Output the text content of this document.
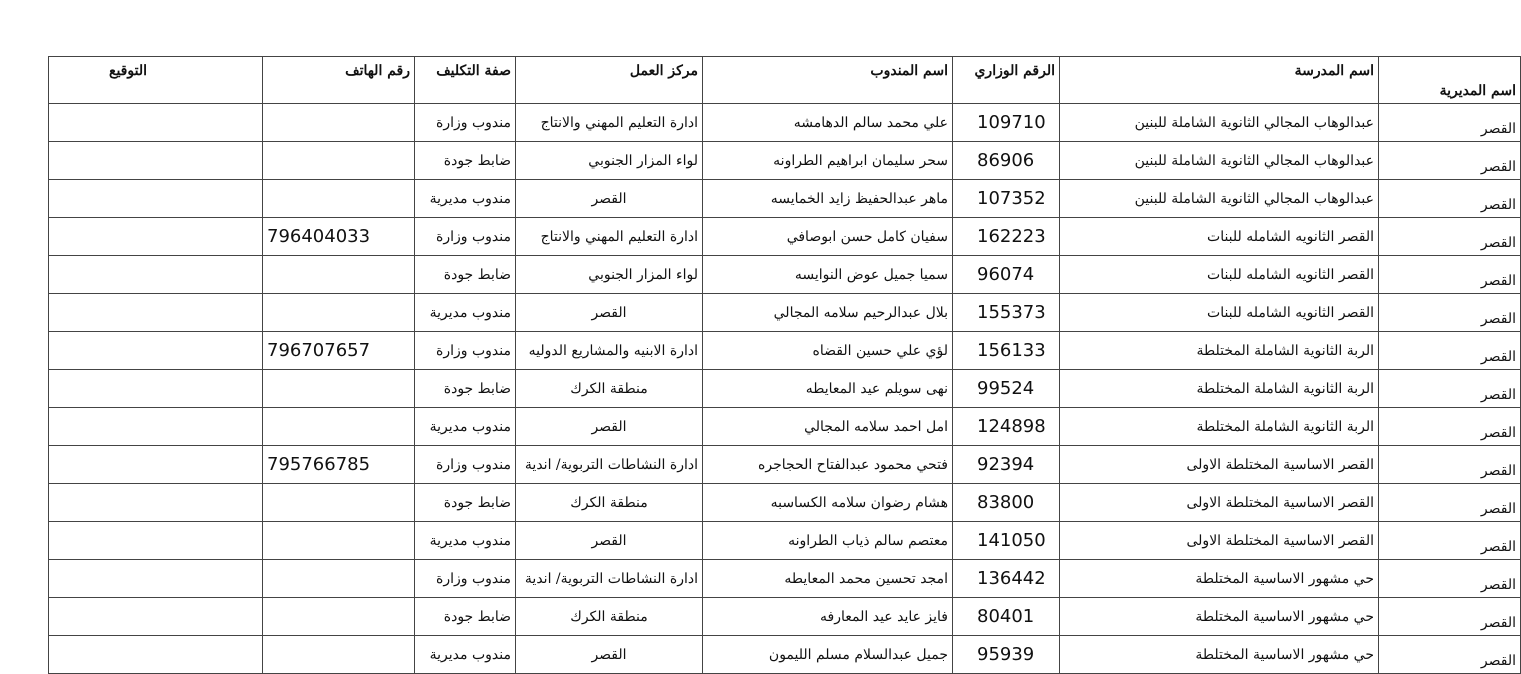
اسم المديرية	اسم المدرسة	الرقم الوزاري	اسم المندوب	مركز العمل	صفة التكليف	رقم الهاتف	التوقيع
القصر	عبدالوهاب المجالي الثانوية الشاملة للبنين	109710	علي محمد سالم الدهامشه	ادارة التعليم المهني والانتاج	مندوب وزارة		
القصر	عبدالوهاب المجالي الثانوية الشاملة للبنين	86906	سحر سليمان ابراهيم الطراونه	لواء المزار الجنوبي	ضابط جودة		
القصر	عبدالوهاب المجالي الثانوية الشاملة للبنين	107352	ماهر عبدالحفيظ زايد الخمايسه	القصر	مندوب مديرية		
القصر	القصر الثانويه الشامله للبنات	162223	سفيان كامل حسن ابوصافي	ادارة التعليم المهني والانتاج	مندوب وزارة	796404033	
القصر	القصر الثانويه الشامله للبنات	96074	سميا جميل عوض النوايسه	لواء المزار الجنوبي	ضابط جودة		
القصر	القصر الثانويه الشامله للبنات	155373	بلال عبدالرحيم سلامه المجالي	القصر	مندوب مديرية		
القصر	الربة الثانوية الشاملة المختلطة	156133	لؤي علي حسين القضاه	ادارة الابنيه والمشاريع الدوليه	مندوب وزارة	796707657	
القصر	الربة الثانوية الشاملة المختلطة	99524	نهى سويلم عيد المعايطه	منطقة الكرك	ضابط جودة		
القصر	الربة الثانوية الشاملة المختلطة	124898	امل احمد سلامه المجالي	القصر	مندوب مديرية		
القصر	القصر الاساسية المختلطة الاولى	92394	فتحي محمود عبدالفتاح الحجاجره	ادارة النشاطات التربوية/ اندية	مندوب وزارة	795766785	
القصر	القصر الاساسية المختلطة الاولى	83800	هشام رضوان سلامه الكساسبه	منطقة الكرك	ضابط جودة		
القصر	القصر الاساسية المختلطة الاولى	141050	معتصم سالم ذياب الطراونه	القصر	مندوب مديرية		
القصر	حي مشهور الاساسية المختلطة	136442	امجد تحسين محمد المعايطه	ادارة النشاطات التربوية/ اندية	مندوب وزارة		
القصر	حي مشهور الاساسية المختلطة	80401	فايز عايد عيد المعارفه	منطقة الكرك	ضابط جودة		
القصر	حي مشهور الاساسية المختلطة	95939	جميل عبدالسلام مسلم الليمون	القصر	مندوب مديرية		
